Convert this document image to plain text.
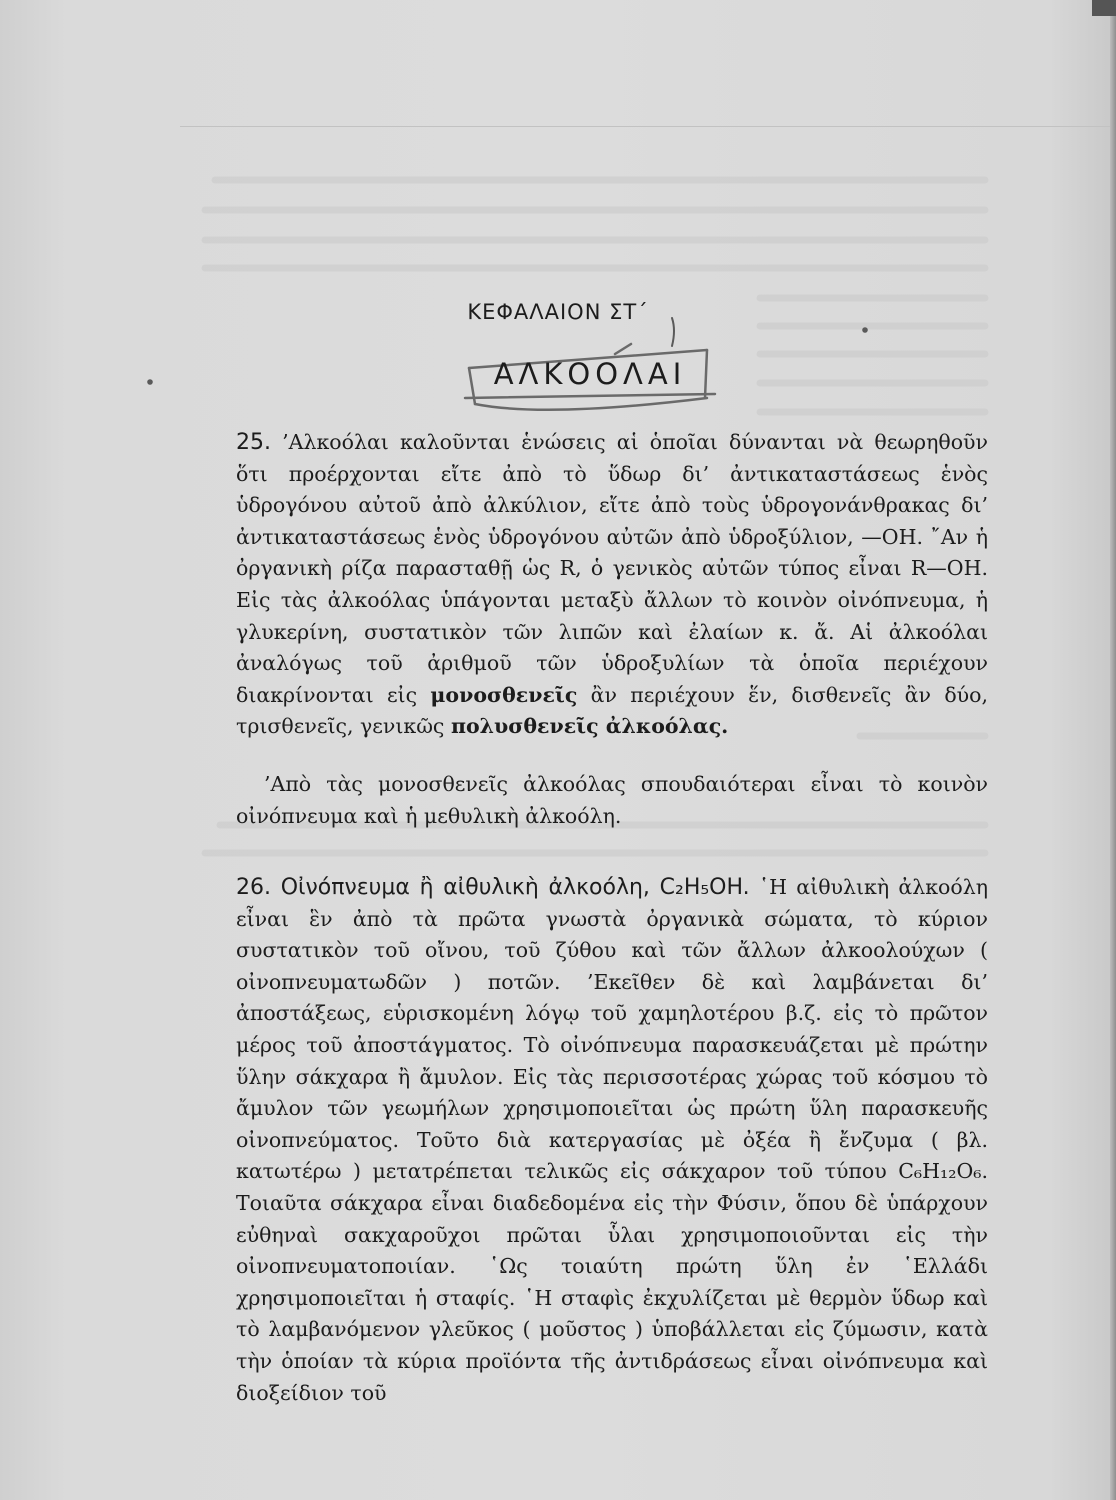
ΚΕΦΑΛΑΙΟΝ ΣΤ΄
ΑΛΚΟΟΛΑΙ

25. ’Αλκοόλαι καλοῦνται ἑνώσεις αἱ ὁποῖαι δύνανται νὰ θεωρηθοῦν ὅτι προέρχονται εἴτε ἀπὸ τὸ ὕδωρ δι’ ἀντικαταστάσεως ἑνὸς ὑδρογόνου αὐτοῦ ἀπὸ ἀλκύλιον, εἴτε ἀπὸ τοὺς ὑδρογονάνθρακας δι’ ἀντικαταστάσεως ἑνὸς ὑδρογόνου αὐτῶν ἀπὸ ὑδροξύλιον, —ΟΗ. ῎Αν ἡ ὀργανικὴ ρίζα παρασταθῇ ὡς R, ὁ γενικὸς αὐτῶν τύπος εἶναι R—OH. Εἰς τὰς ἀλκοόλας ὑπάγονται μεταξὺ ἄλλων τὸ κοινὸν οἰνόπνευμα, ἡ γλυκερίνη, συστατικὸν τῶν λιπῶν καὶ ἐλαίων κ. ἄ. Αἱ ἀλκοόλαι ἀναλόγως τοῦ ἀριθμοῦ τῶν ὑδροξυλίων τὰ ὁποῖα περιέχουν διακρίνονται εἰς μονοσθενεῖς ἂν περιέχουν ἕν, δισθενεῖς ἂν δύο, τρισθενεῖς, γενικῶς πολυσθενεῖς ἀλκοόλας.

’Απὸ τὰς μονοσθενεῖς ἀλκοόλας σπουδαιότεραι εἶναι τὸ κοινὸν οἰνόπνευμα καὶ ἡ μεθυλικὴ ἀλκοόλη.

26. Οἰνόπνευμα ἢ αἰθυλικὴ ἀλκοόλη, C₂H₅OH. ῾Η αἰθυλικὴ ἀλκοόλη εἶναι ἓν ἀπὸ τὰ πρῶτα γνωστὰ ὀργανικὰ σώματα, τὸ κύριον συστατικὸν τοῦ οἴνου, τοῦ ζύθου καὶ τῶν ἄλλων ἀλκοολούχων ( οἰνοπνευματωδῶν ) ποτῶν. ’Εκεῖθεν δὲ καὶ λαμβάνεται δι’ ἀποστάξεως, εὑρισκομένη λόγῳ τοῦ χαμηλοτέρου β.ζ. εἰς τὸ πρῶτον μέρος τοῦ ἀποστάγματος. Τὸ οἰνόπνευμα παρασκευάζεται μὲ πρώτην ὕλην σάκχαρα ἢ ἄμυλον. Εἰς τὰς περισσοτέρας χώρας τοῦ κόσμου τὸ ἄμυλον τῶν γεωμήλων χρησιμοποιεῖται ὡς πρώτη ὕλη παρασκευῆς οἰνοπνεύματος. Τοῦτο διὰ κατεργασίας μὲ ὀξέα ἢ ἔνζυμα ( βλ. κατωτέρω ) μετατρέπεται τελικῶς εἰς σάκχαρον τοῦ τύπου C₆H₁₂O₆. Τοιαῦτα σάκχαρα εἶναι διαδεδομένα εἰς τὴν Φύσιν, ὅπου δὲ ὑπάρχουν εὐθηναὶ σακχαροῦχοι πρῶται ὗλαι χρησιμοποιοῦνται εἰς τὴν οἰνοπνευματοποιίαν. ῾Ως τοιαύτη πρώτη ὕλη ἐν ῾Ελλάδι χρησιμοποιεῖται ἡ σταφίς. ῾Η σταφὶς ἐκχυλίζεται μὲ θερμὸν ὕδωρ καὶ τὸ λαμβανόμενον γλεῦκος ( μοῦστος ) ὑποβάλλεται εἰς ζύμωσιν, κατὰ τὴν ὁποίαν τὰ κύρια προϊόντα τῆς ἀντιδράσεως εἶναι οἰνόπνευμα καὶ διοξείδιον τοῦ
